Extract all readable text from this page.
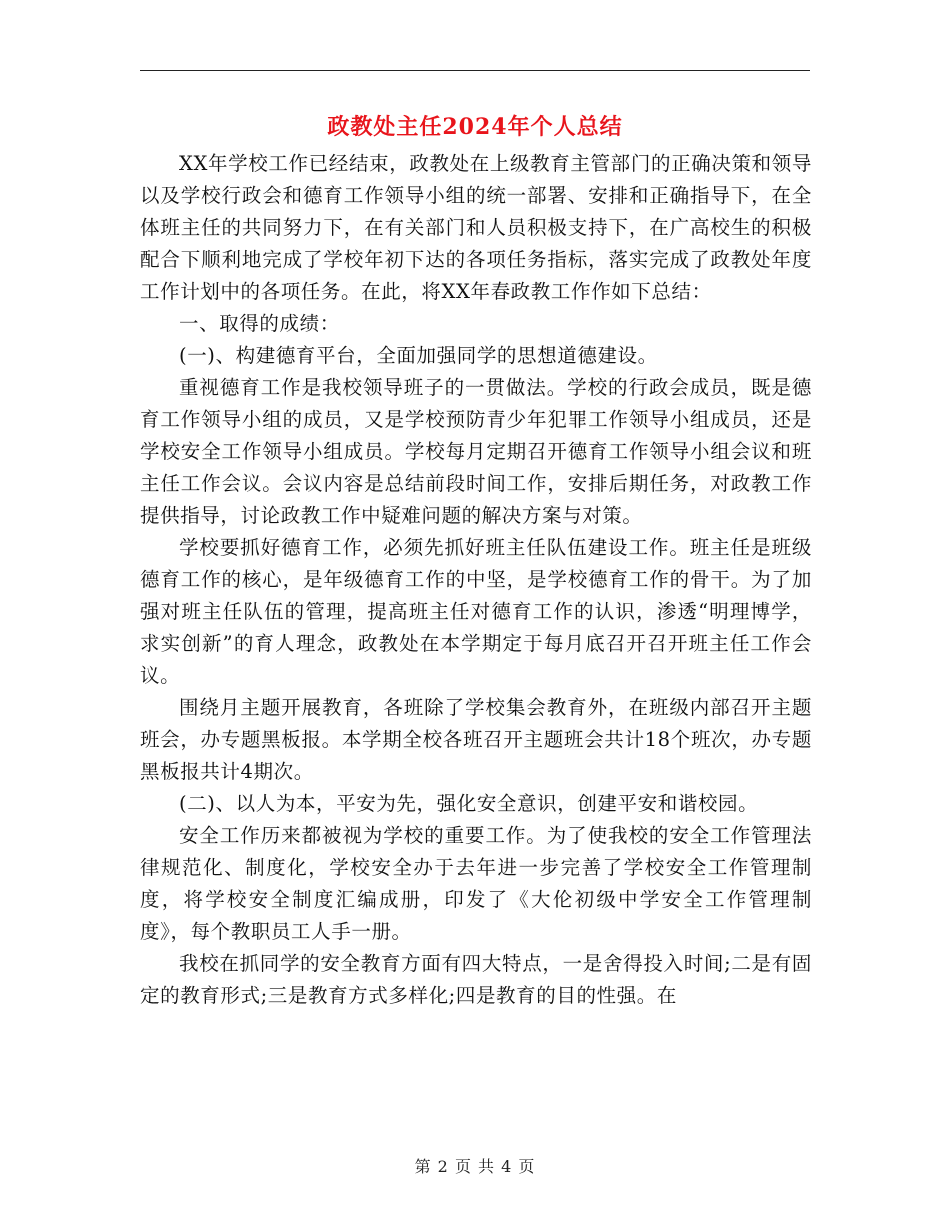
政教处主任2024年个人总结

XX年学校工作已经结束，政教处在上级教育主管部门的正确决策和领导以及学校行政会和德育工作领导小组的统一部署、安排和正确指导下，在全体班主任的共同努力下，在有关部门和人员积极支持下，在广高校生的积极配合下顺利地完成了学校年初下达的各项任务指标，落实完成了政教处年度工作计划中的各项任务。在此，将XX年春政教工作作如下总结：

一、取得的成绩：

(一)、构建德育平台，全面加强同学的思想道德建设。

重视德育工作是我校领导班子的一贯做法。学校的行政会成员，既是德育工作领导小组的成员，又是学校预防青少年犯罪工作领导小组成员，还是学校安全工作领导小组成员。学校每月定期召开德育工作领导小组会议和班主任工作会议。会议内容是总结前段时间工作，安排后期任务，对政教工作提供指导，讨论政教工作中疑难问题的解决方案与对策。

学校要抓好德育工作，必须先抓好班主任队伍建设工作。班主任是班级德育工作的核心，是年级德育工作的中坚，是学校德育工作的骨干。为了加强对班主任队伍的管理，提高班主任对德育工作的认识，渗透“明理博学，求实创新”的育人理念，政教处在本学期定于每月底召开召开班主任工作会议。

围绕月主题开展教育，各班除了学校集会教育外，在班级内部召开主题班会，办专题黑板报。本学期全校各班召开主题班会共计18个班次，办专题黑板报共计4期次。

(二)、以人为本，平安为先，强化安全意识，创建平安和谐校园。

安全工作历来都被视为学校的重要工作。为了使我校的安全工作管理法律规范化、制度化，学校安全办于去年进一步完善了学校安全工作管理制度，将学校安全制度汇编成册，印发了《大伦初级中学安全工作管理制度》，每个教职员工人手一册。

我校在抓同学的安全教育方面有四大特点，一是舍得投入时间;二是有固定的教育形式;三是教育方式多样化;四是教育的目的性强。在

第 2 页 共 4 页
